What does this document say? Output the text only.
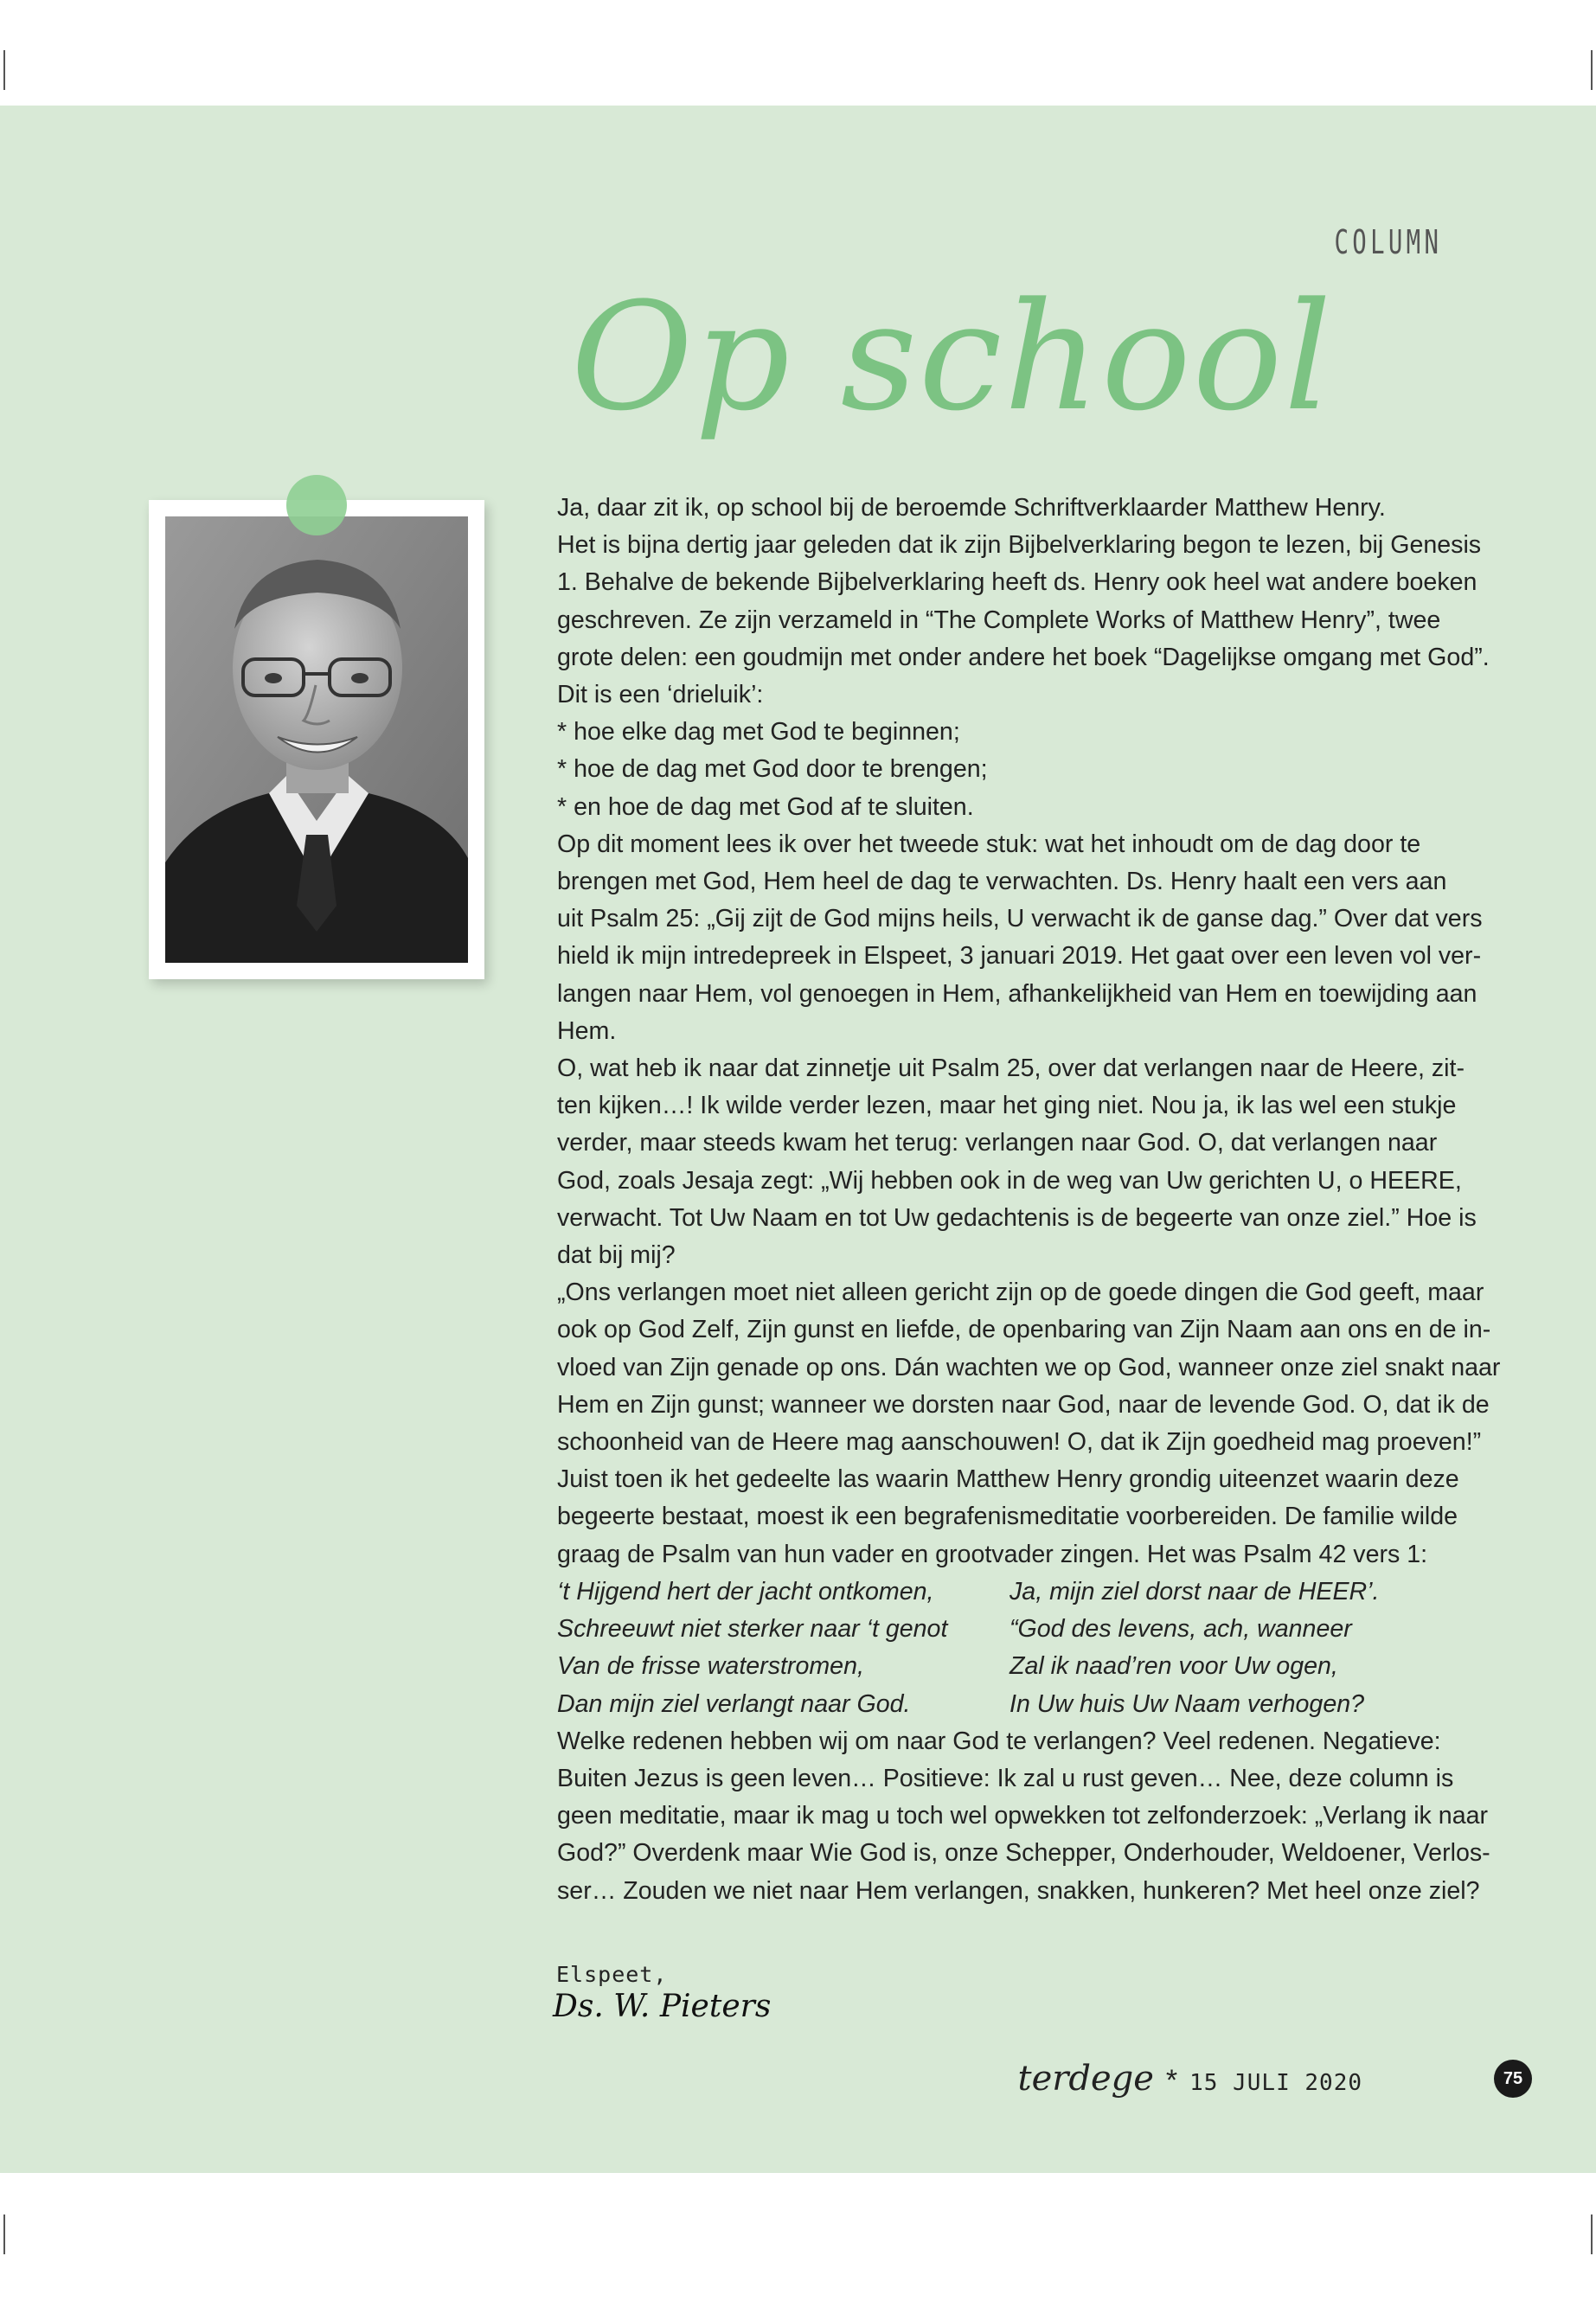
COLUMN
Op school
Ja, daar zit ik, op school bij de beroemde Schriftverklaarder Matthew Henry.
Het is bijna dertig jaar geleden dat ik zijn Bijbelverklaring begon te lezen, bij Genesis
1. Behalve de bekende Bijbelverklaring heeft ds. Henry ook heel wat andere boeken
geschreven. Ze zijn verzameld in “The Complete Works of Matthew Henry”, twee
grote delen: een goudmijn met onder andere het boek “Dagelijkse omgang met God”.
Dit is een ‘drieluik’:
* hoe elke dag met God te beginnen;
* hoe de dag met God door te brengen;
* en hoe de dag met God af te sluiten.
Op dit moment lees ik over het tweede stuk: wat het inhoudt om de dag door te
brengen met God, Hem heel de dag te verwachten. Ds. Henry haalt een vers aan
uit Psalm 25: „Gij zijt de God mijns heils, U verwacht ik de ganse dag.” Over dat vers
hield ik mijn intredepreek in Elspeet, 3 januari 2019. Het gaat over een leven vol ver-
langen naar Hem, vol genoegen in Hem, afhankelijkheid van Hem en toewijding aan
Hem.
O, wat heb ik naar dat zinnetje uit Psalm 25, over dat verlangen naar de Heere, zit-
ten kijken…! Ik wilde verder lezen, maar het ging niet. Nou ja, ik las wel een stukje
verder, maar steeds kwam het terug: verlangen naar God. O, dat verlangen naar
God, zoals Jesaja zegt: „Wij hebben ook in de weg van Uw gerichten U, o HEERE,
verwacht. Tot Uw Naam en tot Uw gedachtenis is de begeerte van onze ziel.” Hoe is
dat bij mij?
„Ons verlangen moet niet alleen gericht zijn op de goede dingen die God geeft, maar
ook op God Zelf, Zijn gunst en liefde, de openbaring van Zijn Naam aan ons en de in-
vloed van Zijn genade op ons. Dán wachten we op God, wanneer onze ziel snakt naar
Hem en Zijn gunst; wanneer we dorsten naar God, naar de levende God. O, dat ik de
schoonheid van de Heere mag aanschouwen! O, dat ik Zijn goedheid mag proeven!”
Juist toen ik het gedeelte las waarin Matthew Henry grondig uiteenzet waarin deze
begeerte bestaat, moest ik een begrafenismeditatie voorbereiden. De familie wilde
graag de Psalm van hun vader en grootvader zingen. Het was Psalm 42 vers 1:
‘t Hijgend hert der jacht ontkomen,	Ja, mijn ziel dorst naar de HEER’.
Schreeuwt niet sterker naar ‘t genot	“God des levens, ach, wanneer
Van de frisse waterstromen,	Zal ik naad’ren voor Uw ogen,
Dan mijn ziel verlangt naar God.	In Uw huis Uw Naam verhogen?
Welke redenen hebben wij om naar God te verlangen? Veel redenen. Negatieve:
Buiten Jezus is geen leven… Positieve: Ik zal u rust geven… Nee, deze column is
geen meditatie, maar ik mag u toch wel opwekken tot zelfonderzoek: „Verlang ik naar
God?” Overdenk maar Wie God is, onze Schepper, Onderhouder, Weldoener, Verlos-
ser… Zouden we niet naar Hem verlangen, snakken, hunkeren? Met heel onze ziel?
Elspeet,
Ds. W. Pieters
terdege * 15 JULI 2020	75
